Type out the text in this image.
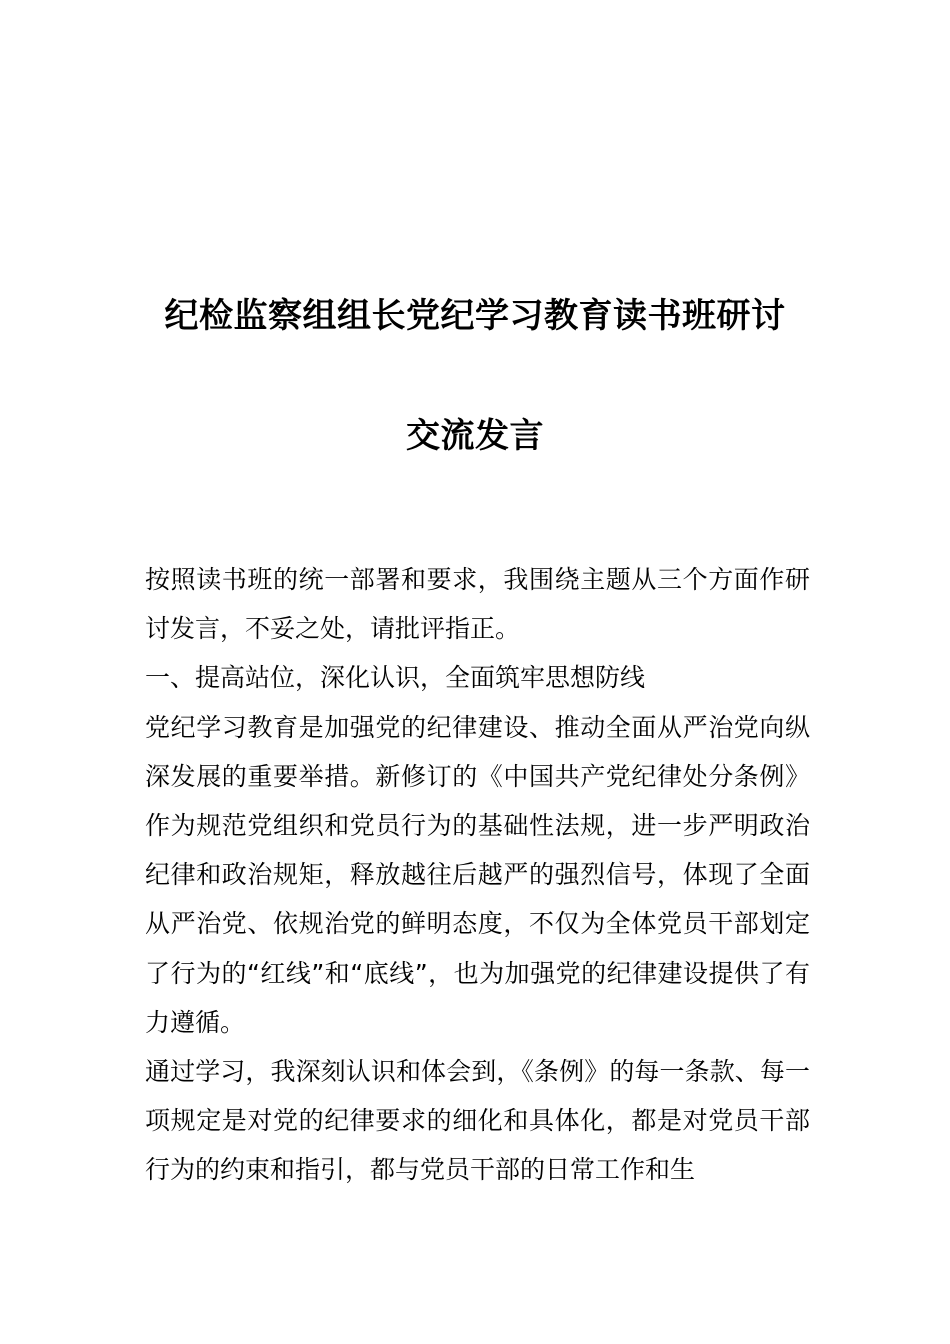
纪检监察组组长党纪学习教育读书班研讨
交流发言

按照读书班的统一部署和要求，我围绕主题从三个方面作研讨发言，不妥之处，请批评指正。

一、提高站位，深化认识，全面筑牢思想防线

党纪学习教育是加强党的纪律建设、推动全面从严治党向纵深发展的重要举措。新修订的《中国共产党纪律处分条例》作为规范党组织和党员行为的基础性法规，进一步严明政治纪律和政治规矩，释放越往后越严的强烈信号，体现了全面从严治党、依规治党的鲜明态度，不仅为全体党员干部划定了行为的“红线”和“底线”，也为加强党的纪律建设提供了有力遵循。

通过学习，我深刻认识和体会到，《条例》的每一条款、每一项规定是对党的纪律要求的细化和具体化，都是对党员干部行为的约束和指引，都与党员干部的日常工作和生
